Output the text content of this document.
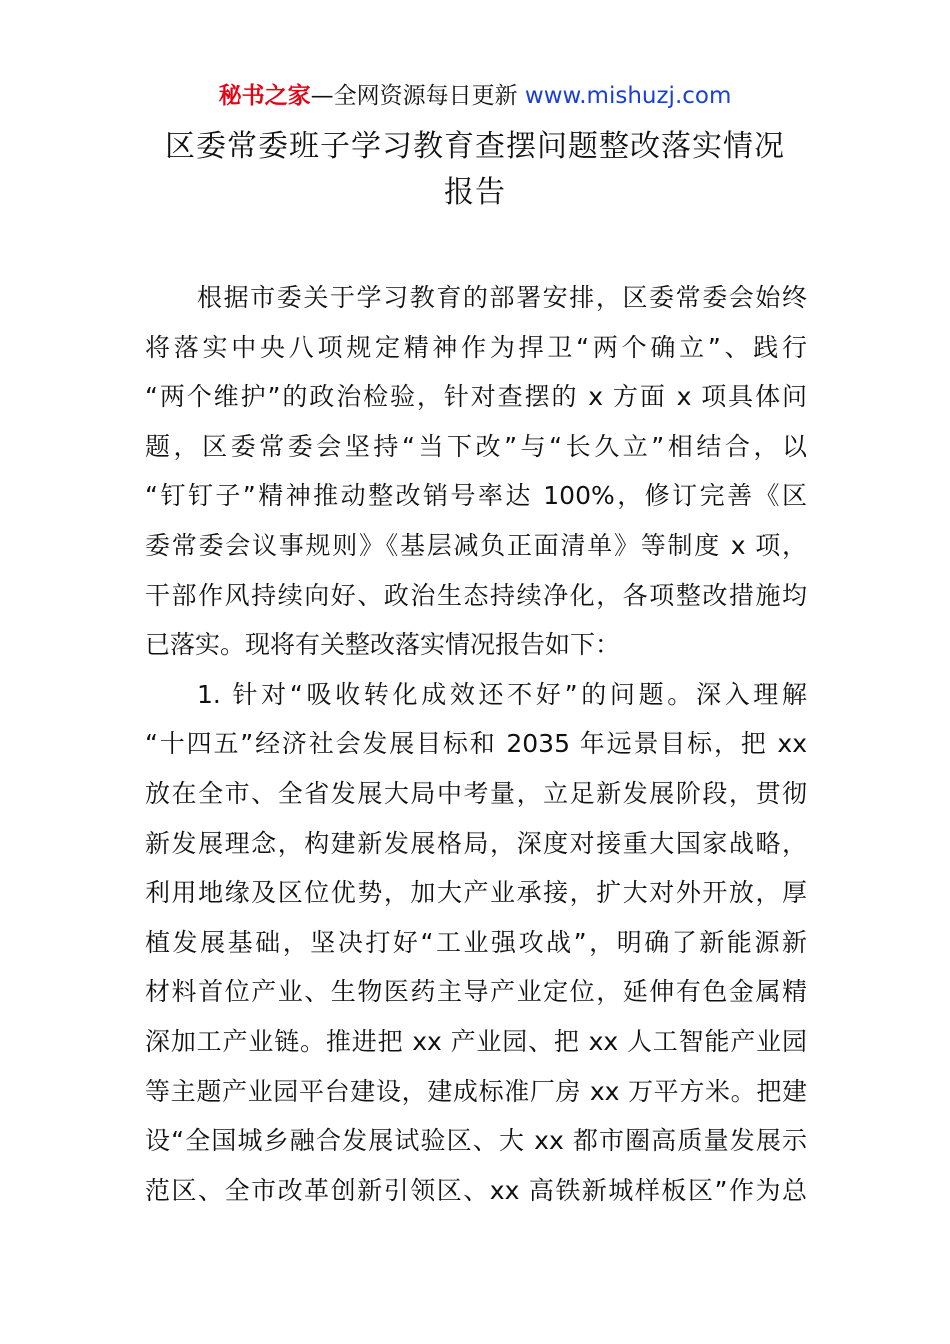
秘书之家—全网资源每日更新 www.mishuzj.com
区委常委班子学习教育查摆问题整改落实情况
报告
根据市委关于学习教育的部署安排，区委常委会始终
将落实中央八项规定精神作为捍卫“两个确立”、践行
“两个维护”的政治检验，针对查摆的 x 方面 x 项具体问
题，区委常委会坚持“当下改”与“长久立”相结合，以
“钉钉子”精神推动整改销号率达 100%，修订完善《区
委常委会议事规则》《基层减负正面清单》等制度 x 项，
干部作风持续向好、政治生态持续净化，各项整改措施均
已落实。现将有关整改落实情况报告如下：
1. 针对“吸收转化成效还不好”的问题。深入理解
“十四五”经济社会发展目标和 2035 年远景目标，把 xx
放在全市、全省发展大局中考量，立足新发展阶段，贯彻
新发展理念，构建新发展格局，深度对接重大国家战略，
利用地缘及区位优势，加大产业承接，扩大对外开放，厚
植发展基础，坚决打好“工业强攻战”，明确了新能源新
材料首位产业、生物医药主导产业定位，延伸有色金属精
深加工产业链。推进把 xx 产业园、把 xx 人工智能产业园
等主题产业园平台建设，建成标准厂房 xx 万平方米。把建
设“全国城乡融合发展试验区、大 xx 都市圈高质量发展示
范区、全市改革创新引领区、xx 高铁新城样板区”作为总
